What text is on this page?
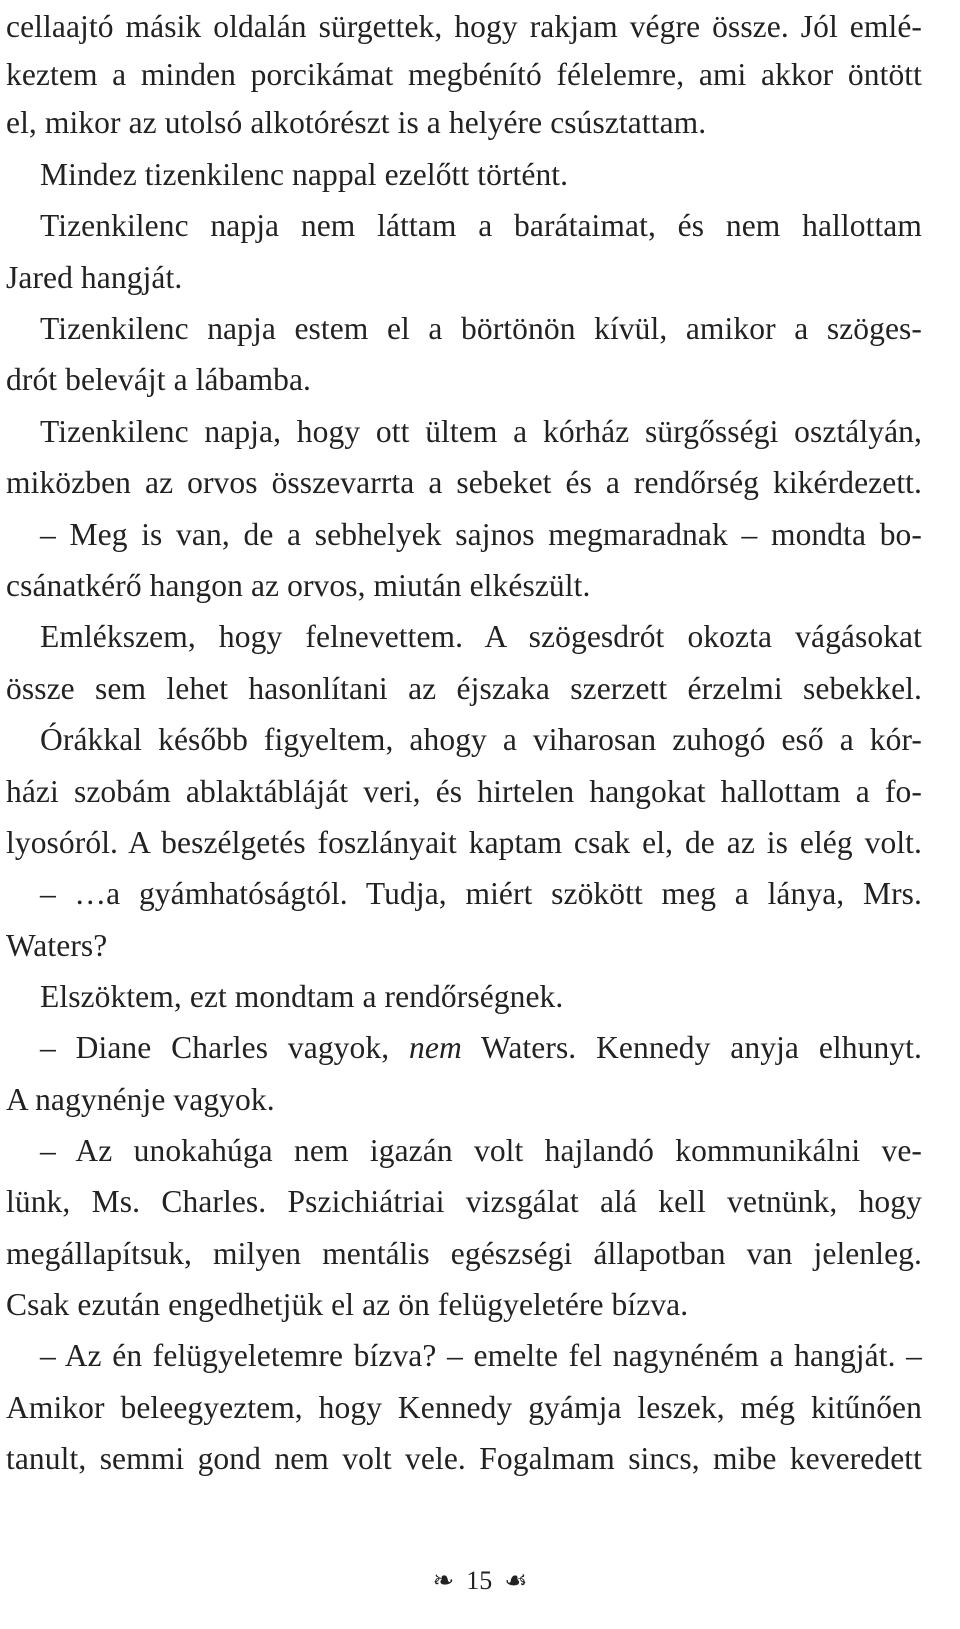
cellaajtó másik oldalán sürgettek, hogy rakjam végre össze. Jól emlé-
keztem a minden porcikámat megbénító félelemre, ami akkor öntött
el, mikor az utolsó alkotórészt is a helyére csúsztattam.
Mindez tizenkilenc nappal ezelőtt történt.
Tizenkilenc napja nem láttam a barátaimat, és nem hallottam
Jared hangját.
Tizenkilenc napja estem el a börtönön kívül, amikor a szöges-
drót belevájt a lábamba.
Tizenkilenc napja, hogy ott ültem a kórház sürgősségi osztályán,
miközben az orvos összevarrta a sebeket és a rendőrség kikérdezett.
– Meg is van, de a sebhelyek sajnos megmaradnak – mondta bo-
csánatkérő hangon az orvos, miután elkészült.
Emlékszem, hogy felnevettem. A szögesdrót okozta vágásokat
össze sem lehet hasonlítani az éjszaka szerzett érzelmi sebekkel.
Órákkal később figyeltem, ahogy a viharosan zuhogó eső a kór-
házi szobám ablaktábláját veri, és hirtelen hangokat hallottam a fo-
lyosóról. A beszélgetés foszlányait kaptam csak el, de az is elég volt.
– …a gyámhatóságtól. Tudja, miért szökött meg a lánya, Mrs.
Waters?
Elszöktem, ezt mondtam a rendőrségnek.
– Diane Charles vagyok, nem Waters. Kennedy anyja elhunyt.
A nagynénje vagyok.
– Az unokahúga nem igazán volt hajlandó kommunikálni ve-
lünk, Ms. Charles. Pszichiátriai vizsgálat alá kell vetnünk, hogy
megállapítsuk, milyen mentális egészségi állapotban van jelenleg.
Csak ezután engedhetjük el az ön felügyeletére bízva.
– Az én felügyeletemre bízva? – emelte fel nagynéném a hangját. –
Amikor beleegyeztem, hogy Kennedy gyámja leszek, még kitűnően
tanult, semmi gond nem volt vele. Fogalmam sincs, mibe keveredett
❧ 15 ☙
